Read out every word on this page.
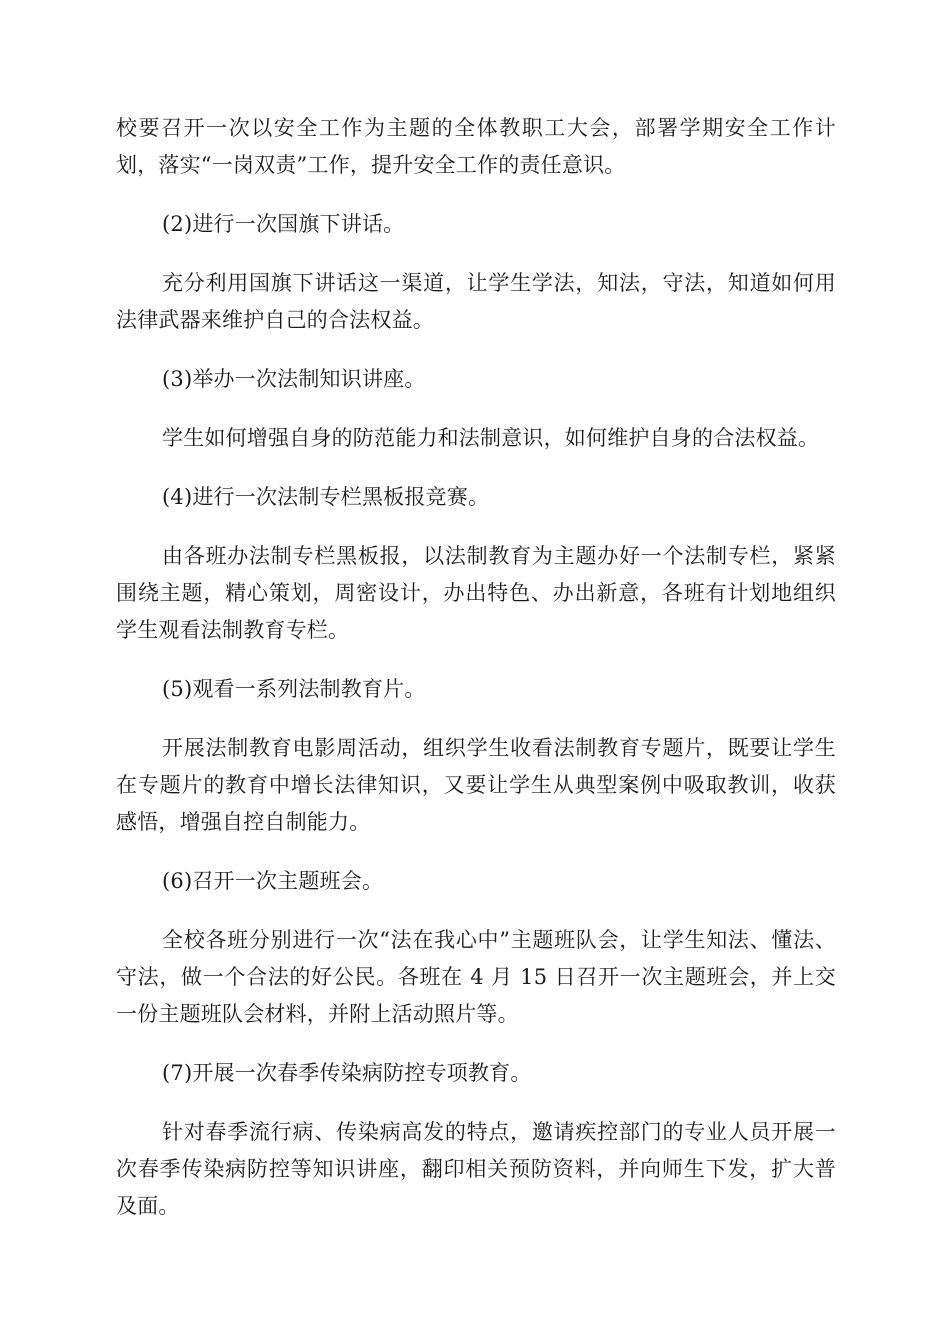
校要召开一次以安全工作为主题的全体教职工大会，部署学期安全工作计划，落实“一岗双责”工作，提升安全工作的责任意识。

(2)进行一次国旗下讲话。

充分利用国旗下讲话这一渠道，让学生学法，知法，守法，知道如何用法律武器来维护自己的合法权益。

(3)举办一次法制知识讲座。

学生如何增强自身的防范能力和法制意识，如何维护自身的合法权益。

(4)进行一次法制专栏黑板报竞赛。

由各班办法制专栏黑板报，以法制教育为主题办好一个法制专栏，紧紧围绕主题，精心策划，周密设计，办出特色、办出新意，各班有计划地组织学生观看法制教育专栏。

(5)观看一系列法制教育片。

开展法制教育电影周活动，组织学生收看法制教育专题片，既要让学生在专题片的教育中增长法律知识，又要让学生从典型案例中吸取教训，收获感悟，增强自控自制能力。

(6)召开一次主题班会。

全校各班分别进行一次“法在我心中”主题班队会，让学生知法、懂法、守法，做一个合法的好公民。各班在 4 月 15 日召开一次主题班会，并上交一份主题班队会材料，并附上活动照片等。

(7)开展一次春季传染病防控专项教育。

针对春季流行病、传染病高发的特点，邀请疾控部门的专业人员开展一次春季传染病防控等知识讲座，翻印相关预防资料，并向师生下发，扩大普及面。
